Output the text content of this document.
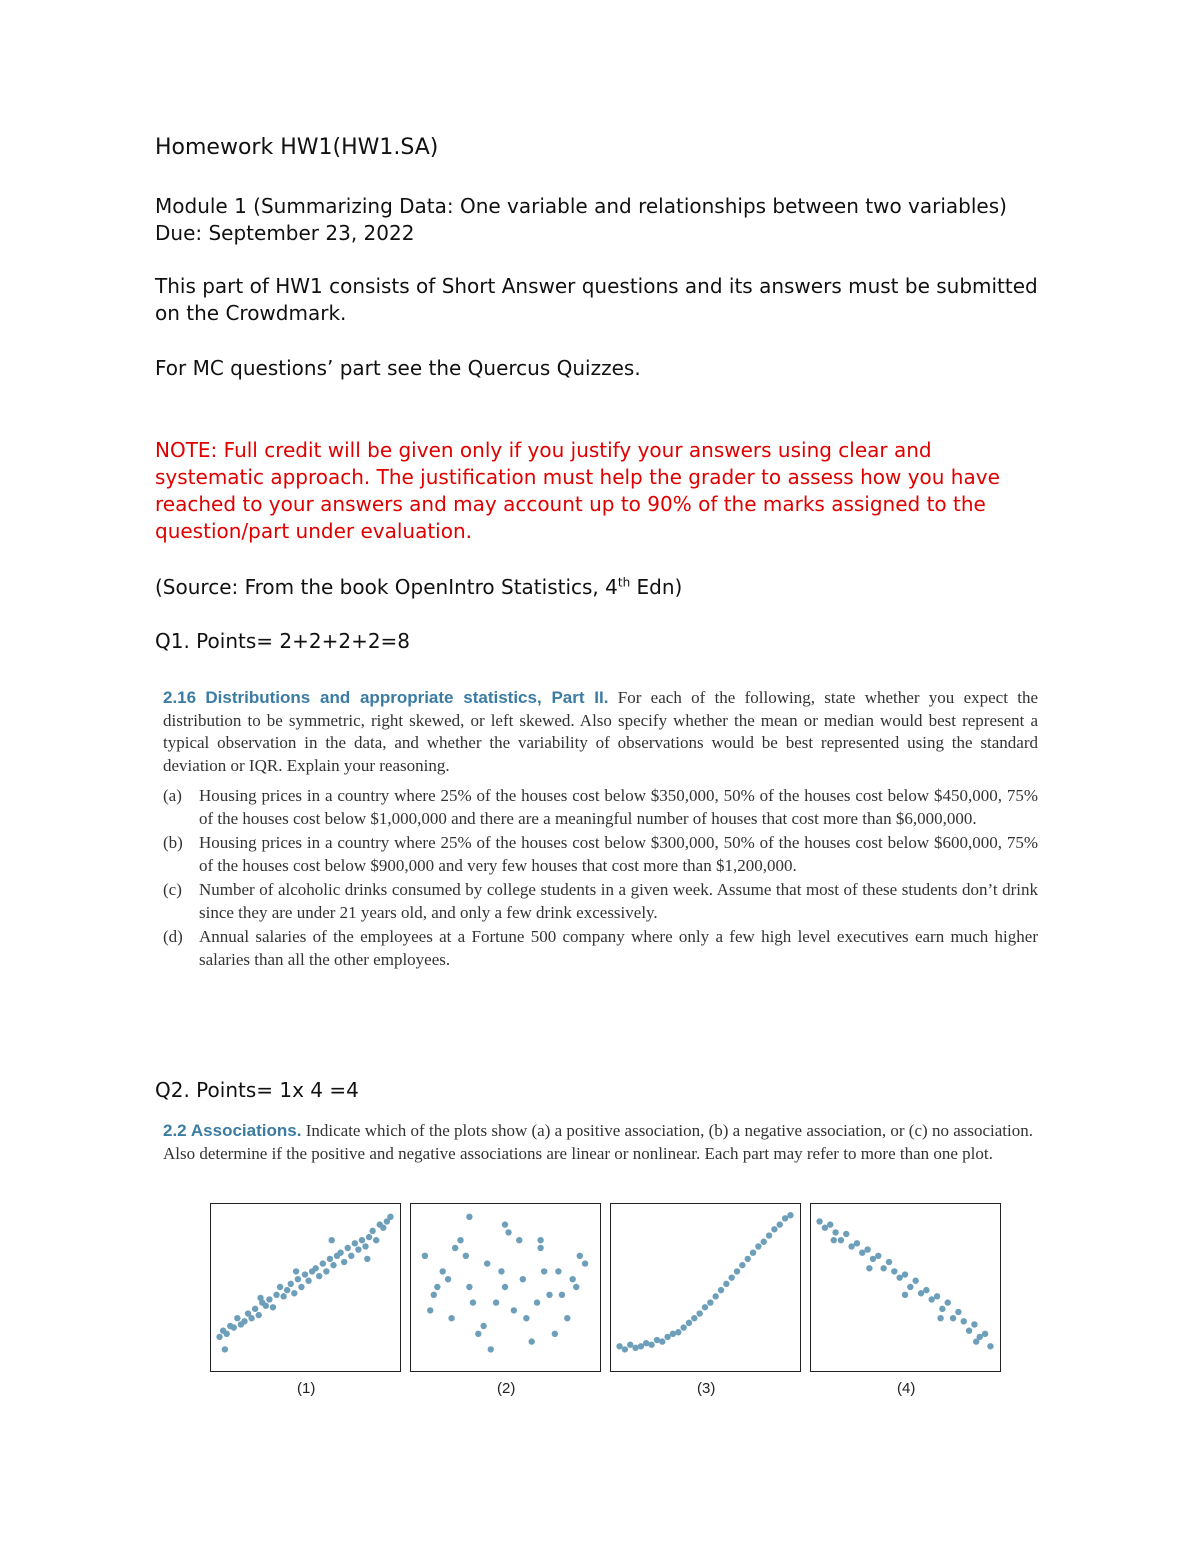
Homework HW1(HW1.SA)
Module 1 (Summarizing Data: One variable and relationships between two variables)
Due: September 23, 2022
This part of HW1 consists of Short Answer questions and its answers must be submitted on the Crowdmark.
For MC questions’ part see the Quercus Quizzes.
NOTE: Full credit will be given only if you justify your answers using clear and systematic approach. The justification must help the grader to assess how you have reached to your answers and may account up to 90% of the marks assigned to the question/part under evaluation.
(Source: From the book OpenIntro Statistics, 4th Edn)
Q1. Points= 2+2+2+2=8
2.16 Distributions and appropriate statistics, Part II. For each of the following, state whether you expect the distribution to be symmetric, right skewed, or left skewed. Also specify whether the mean or median would best represent a typical observation in the data, and whether the variability of observations would be best represented using the standard deviation or IQR. Explain your reasoning.
(a)	Housing prices in a country where 25% of the houses cost below $350,000, 50% of the houses cost below $450,000, 75% of the houses cost below $1,000,000 and there are a meaningful number of houses that cost more than $6,000,000.
(b) Housing prices in a country where 25% of the houses cost below $300,000, 50% of the houses cost below $600,000, 75% of the houses cost below $900,000 and very few houses that cost more than $1,200,000.
(c)	Number of alcoholic drinks consumed by college students in a given week. Assume that most of these students don’t drink since they are under 21 years old, and only a few drink excessively.
(d) Annual salaries of the employees at a Fortune 500 company where only a few high level executives earn much higher salaries than all the other employees.
Q2. Points= 1x 4 =4
2.2 Associations. Indicate which of the plots show (a) a positive association, (b) a negative association, or (c) no association. Also determine if the positive and negative associations are linear or nonlinear. Each part may refer to more than one plot.
(1)	(2)	(3)	(4)
